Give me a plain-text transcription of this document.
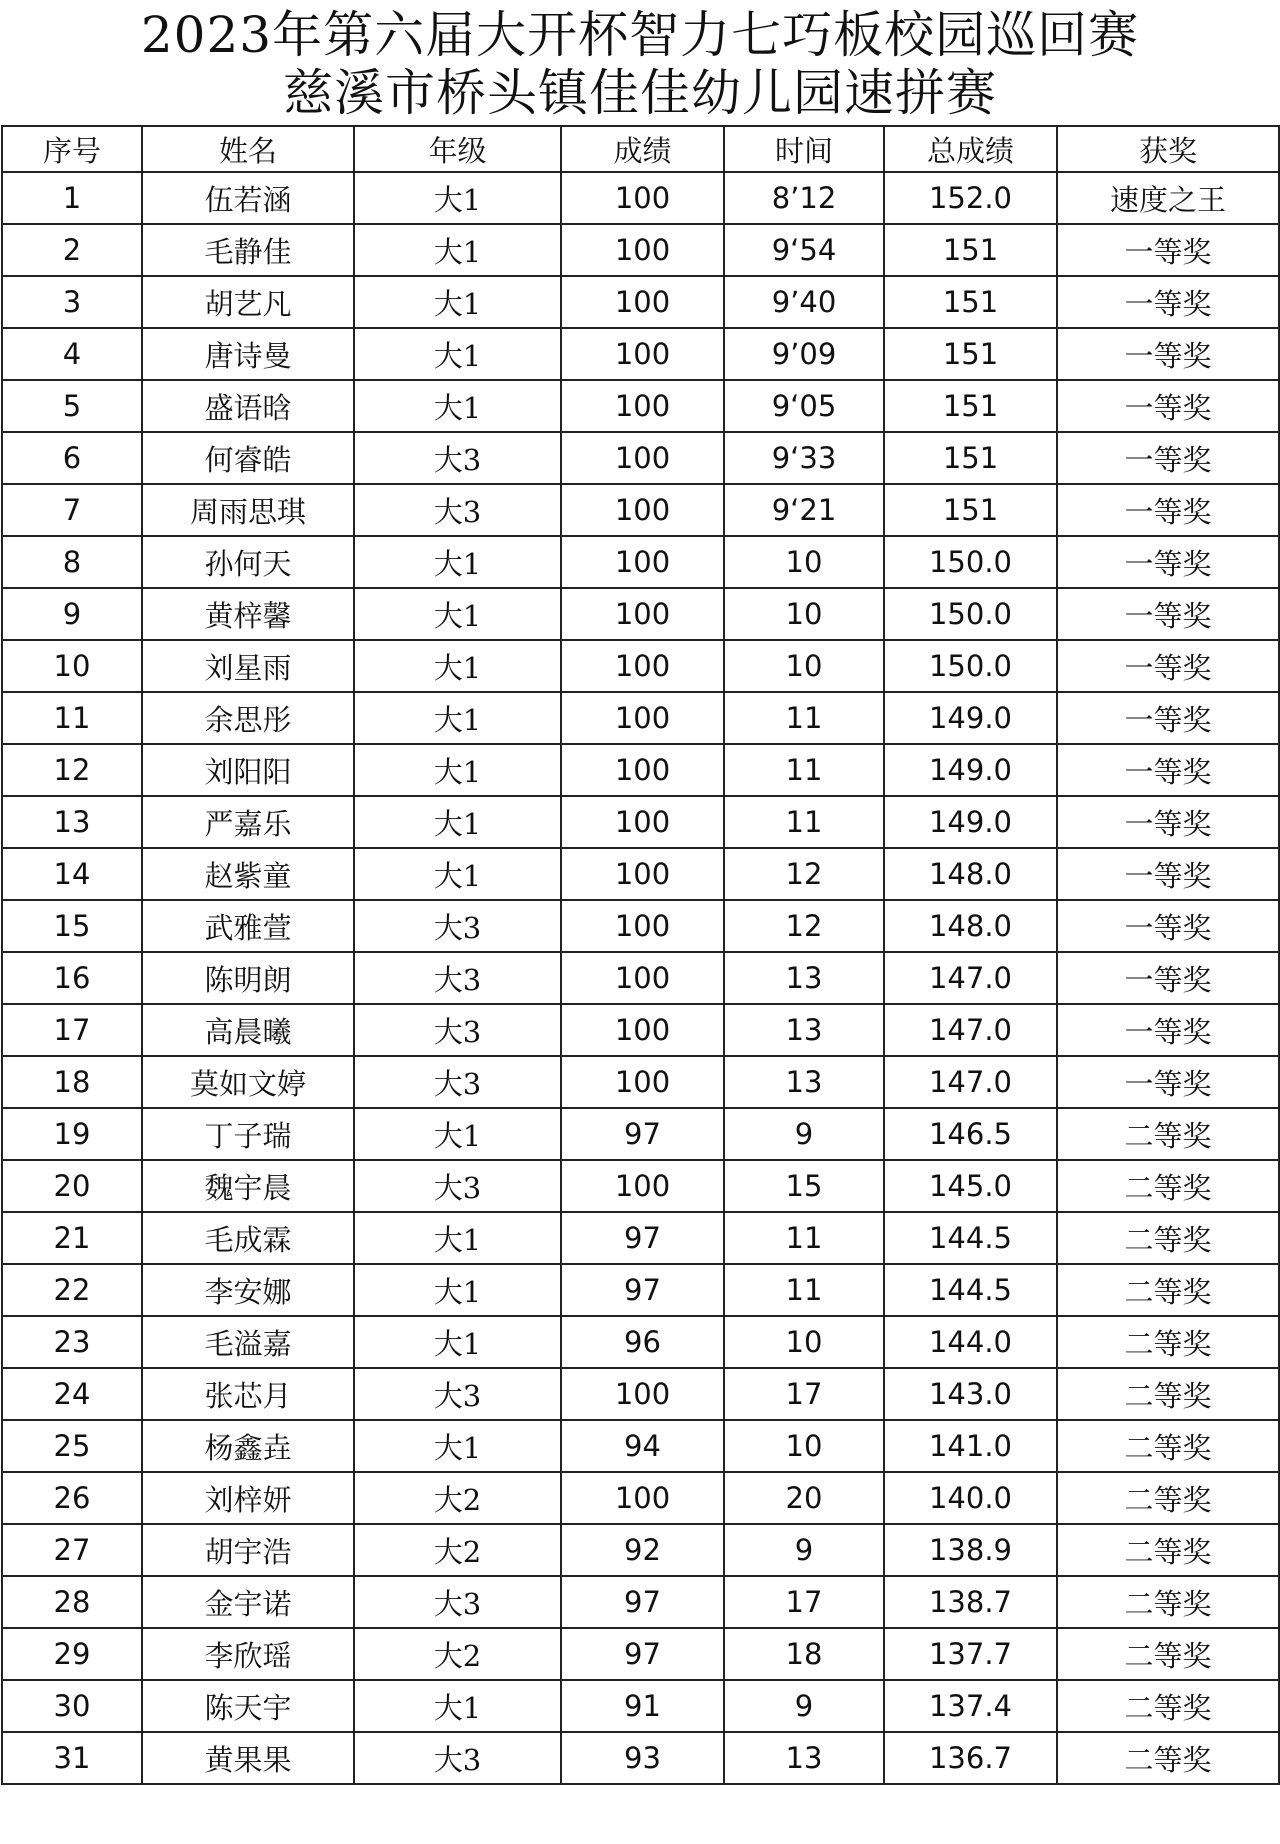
2023年第六届大开杯智力七巧板校园巡回赛
慈溪市桥头镇佳佳幼儿园速拼赛
序号	姓名	年级	成绩	时间	总成绩	获奖
1	伍若涵	大1	100	8’12	152.0	速度之王
2	毛静佳	大1	100	9‘54	151	一等奖
3	胡艺凡	大1	100	9’40	151	一等奖
4	唐诗曼	大1	100	9’09	151	一等奖
5	盛语晗	大1	100	9‘05	151	一等奖
6	何睿皓	大3	100	9‘33	151	一等奖
7	周雨思琪	大3	100	9‘21	151	一等奖
8	孙何天	大1	100	10	150.0	一等奖
9	黄梓馨	大1	100	10	150.0	一等奖
10	刘星雨	大1	100	10	150.0	一等奖
11	余思彤	大1	100	11	149.0	一等奖
12	刘阳阳	大1	100	11	149.0	一等奖
13	严嘉乐	大1	100	11	149.0	一等奖
14	赵紫童	大1	100	12	148.0	一等奖
15	武雅萱	大3	100	12	148.0	一等奖
16	陈明朗	大3	100	13	147.0	一等奖
17	高晨曦	大3	100	13	147.0	一等奖
18	莫如文婷	大3	100	13	147.0	一等奖
19	丁子瑞	大1	97	9	146.5	二等奖
20	魏宇晨	大3	100	15	145.0	二等奖
21	毛成霖	大1	97	11	144.5	二等奖
22	李安娜	大1	97	11	144.5	二等奖
23	毛溢嘉	大1	96	10	144.0	二等奖
24	张芯月	大3	100	17	143.0	二等奖
25	杨鑫垚	大1	94	10	141.0	二等奖
26	刘梓妍	大2	100	20	140.0	二等奖
27	胡宇浩	大2	92	9	138.9	二等奖
28	金宇诺	大3	97	17	138.7	二等奖
29	李欣瑶	大2	97	18	137.7	二等奖
30	陈天宇	大1	91	9	137.4	二等奖
31	黄果果	大3	93	13	136.7	二等奖
